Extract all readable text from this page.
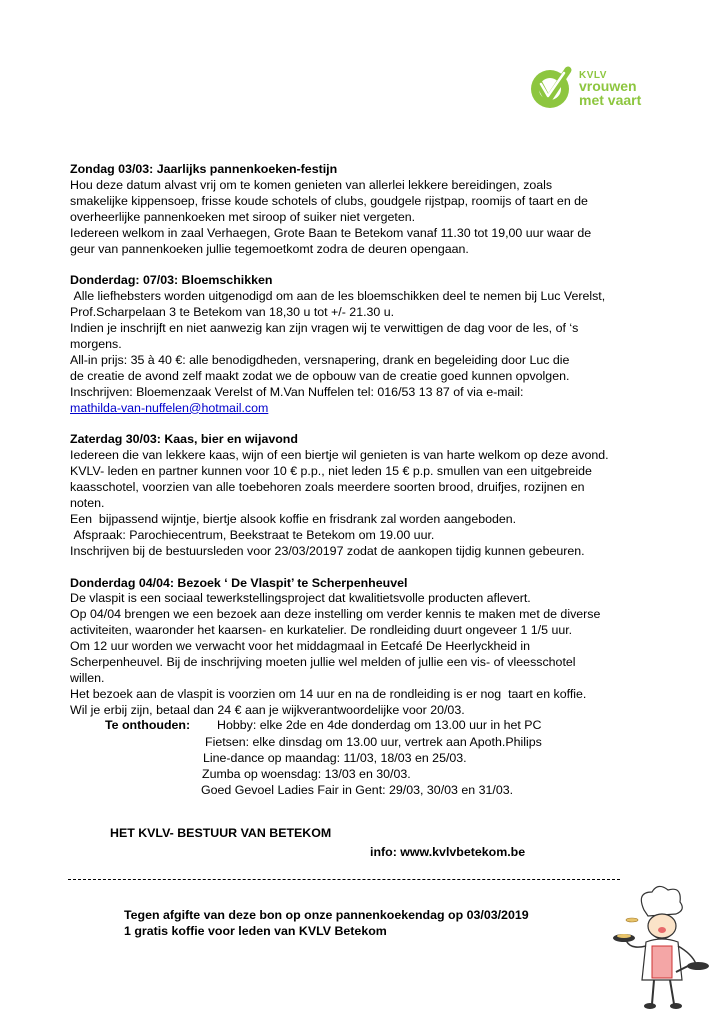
KVLV
vrouwen
met vaart
Zondag 03/03: Jaarlijks pannenkoeken-festijn

Hou deze datum alvast vrij om te komen genieten van allerlei lekkere bereidingen, zoals

smakelijke kippensoep, frisse koude schotels of clubs, goudgele rijstpap, roomijs of taart en de

overheerlijke pannenkoeken met siroop of suiker niet vergeten.

Iedereen welkom in zaal Verhaegen, Grote Baan te Betekom vanaf 11.30 tot 19,00 uur waar de

geur van pannenkoeken jullie tegemoetkomt zodra de deuren opengaan.

Donderdag: 07/03: Bloemschikken

Alle liefhebsters worden uitgenodigd om aan de les bloemschikken deel te nemen bij Luc Verelst,

Prof.Scharpelaan 3 te Betekom van 18,30 u tot +/- 21.30 u.

Indien je inschrijft en niet aanwezig kan zijn vragen wij te verwittigen de dag voor de les, of ‘s

morgens.

All-in prijs: 35 à 40 €: alle benodigdheden, versnapering, drank en begeleiding door Luc die

de creatie de avond zelf maakt zodat we de opbouw van de creatie goed kunnen opvolgen.

Inschrijven: Bloemenzaak Verelst of M.Van Nuffelen tel: 016/53 13 87 of via e-mail:

mathilda-van-nuffelen@hotmail.com

Zaterdag 30/03: Kaas, bier en wijavond

Iedereen die van lekkere kaas, wijn of een biertje wil genieten is van harte welkom op deze avond.

KVLV- leden en partner kunnen voor 10 € p.p., niet leden 15 € p.p. smullen van een uitgebreide

kaasschotel, voorzien van alle toebehoren zoals meerdere soorten brood, druifjes, rozijnen en

noten.

Een  bijpassend wijntje, biertje alsook koffie en frisdrank zal worden aangeboden.

Afspraak: Parochiecentrum, Beekstraat te Betekom om 19.00 uur.

Inschrijven bij de bestuursleden voor 23/03/20197 zodat de aankopen tijdig kunnen gebeuren.

Donderdag 04/04: Bezoek ‘ De Vlaspit’ te Scherpenheuvel

De vlaspit is een sociaal tewerkstellingsproject dat kwalitietsvolle producten aflevert.

Op 04/04 brengen we een bezoek aan deze instelling om verder kennis te maken met de diverse

activiteiten, waaronder het kaarsen- en kurkatelier. De rondleiding duurt ongeveer 1 1/5 uur.

Om 12 uur worden we verwacht voor het middagmaal in Eetcafé De Heerlyckheid in

Scherpenheuvel. Bij de inschrijving moeten jullie wel melden of jullie een vis- of vleesschotel

willen.

Het bezoek aan de vlaspit is voorzien om 14 uur en na de rondleiding is er nog  taart en koffie.

Wil je erbij zijn, betaal dan 24 € aan je wijkverantwoordelijke voor 20/03.

Te onthouden: Hobby: elke 2de en 4de donderdag om 13.00 uur in het PC
Fietsen: elke dinsdag om 13.00 uur, vertrek aan Apoth.Philips
Line-dance op maandag: 11/03, 18/03 en 25/03.
Zumba op woensdag: 13/03 en 30/03.
Goed Gevoel Ladies Fair in Gent: 29/03, 30/03 en 31/03.
HET KVLV- BESTUUR VAN BETEKOM
info: www.kvlvbetekom.be
Tegen afgifte van deze bon op onze pannenkoekendag op 03/03/2019
1 gratis koffie voor leden van KVLV Betekom
